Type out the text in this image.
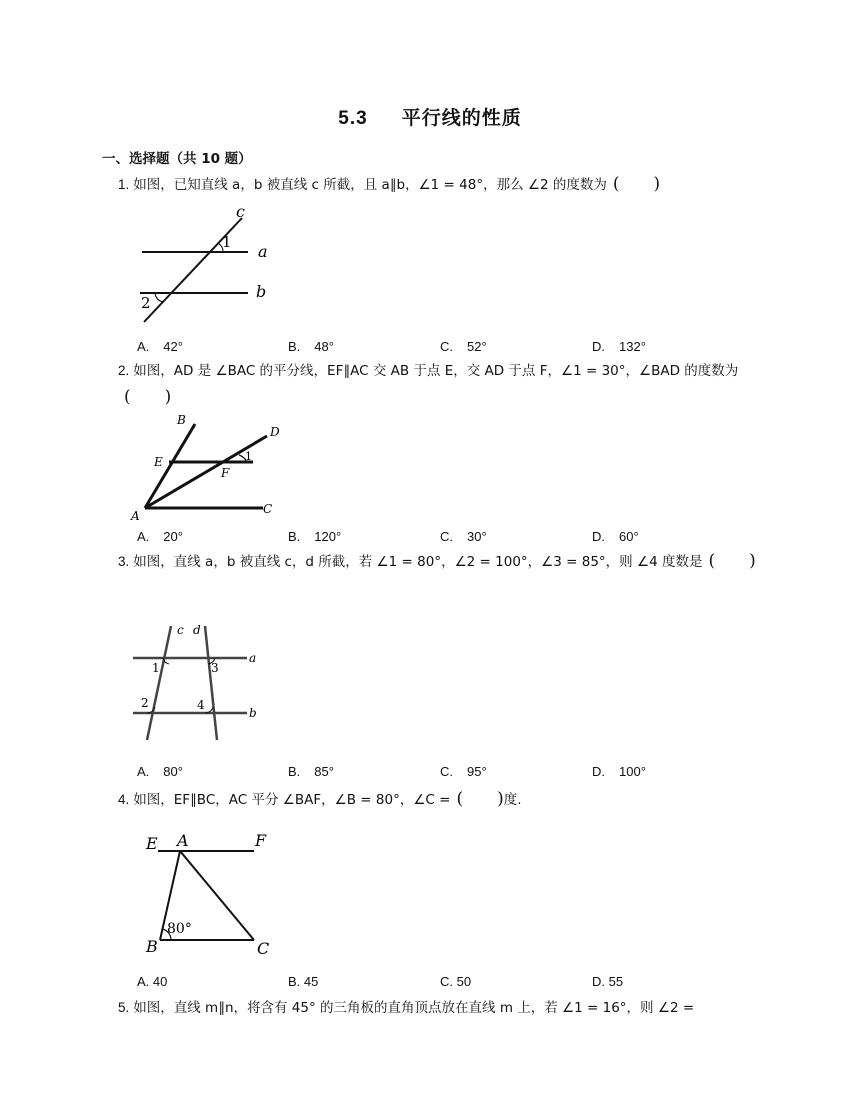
5.3 平行线的性质
一、选择题（共 10 题）
1. 如图，已知直线 a，b 被直线 c 所截，且 a∥b，∠1 = 48°，那么 ∠2 的度数为 (　　)
c
a
b
1
2
A. 42°	B. 48°	C. 52°	D. 132°
2. 如图，AD 是 ∠BAC 的平分线，EF∥AC 交 AB 于点 E，交 AD 于点 F，∠1 = 30°，∠BAD 的度数为(　　)
B
D
E
F
1
A	C
A. 20°	B. 120°	C. 30°	D. 60°
3. 如图，直线 a，b 被直线 c，d 所截，若 ∠1 = 80°，∠2 = 100°，∠3 = 85°，则 ∠4 度数是 (　　)
c d
a
b
1	3
2	4
A. 80°	B. 85°	C. 95°	D. 100°
4. 如图，EF∥BC，AC 平分 ∠BAF，∠B = 80°，∠C = (　　)度.
E A	F
B	C
80°
A. 40	B. 45	C. 50	D. 55
5. 如图，直线 m∥n，将含有 45° 的三角板的直角顶点放在直线 m 上，若 ∠1 = 16°，则 ∠2 =
